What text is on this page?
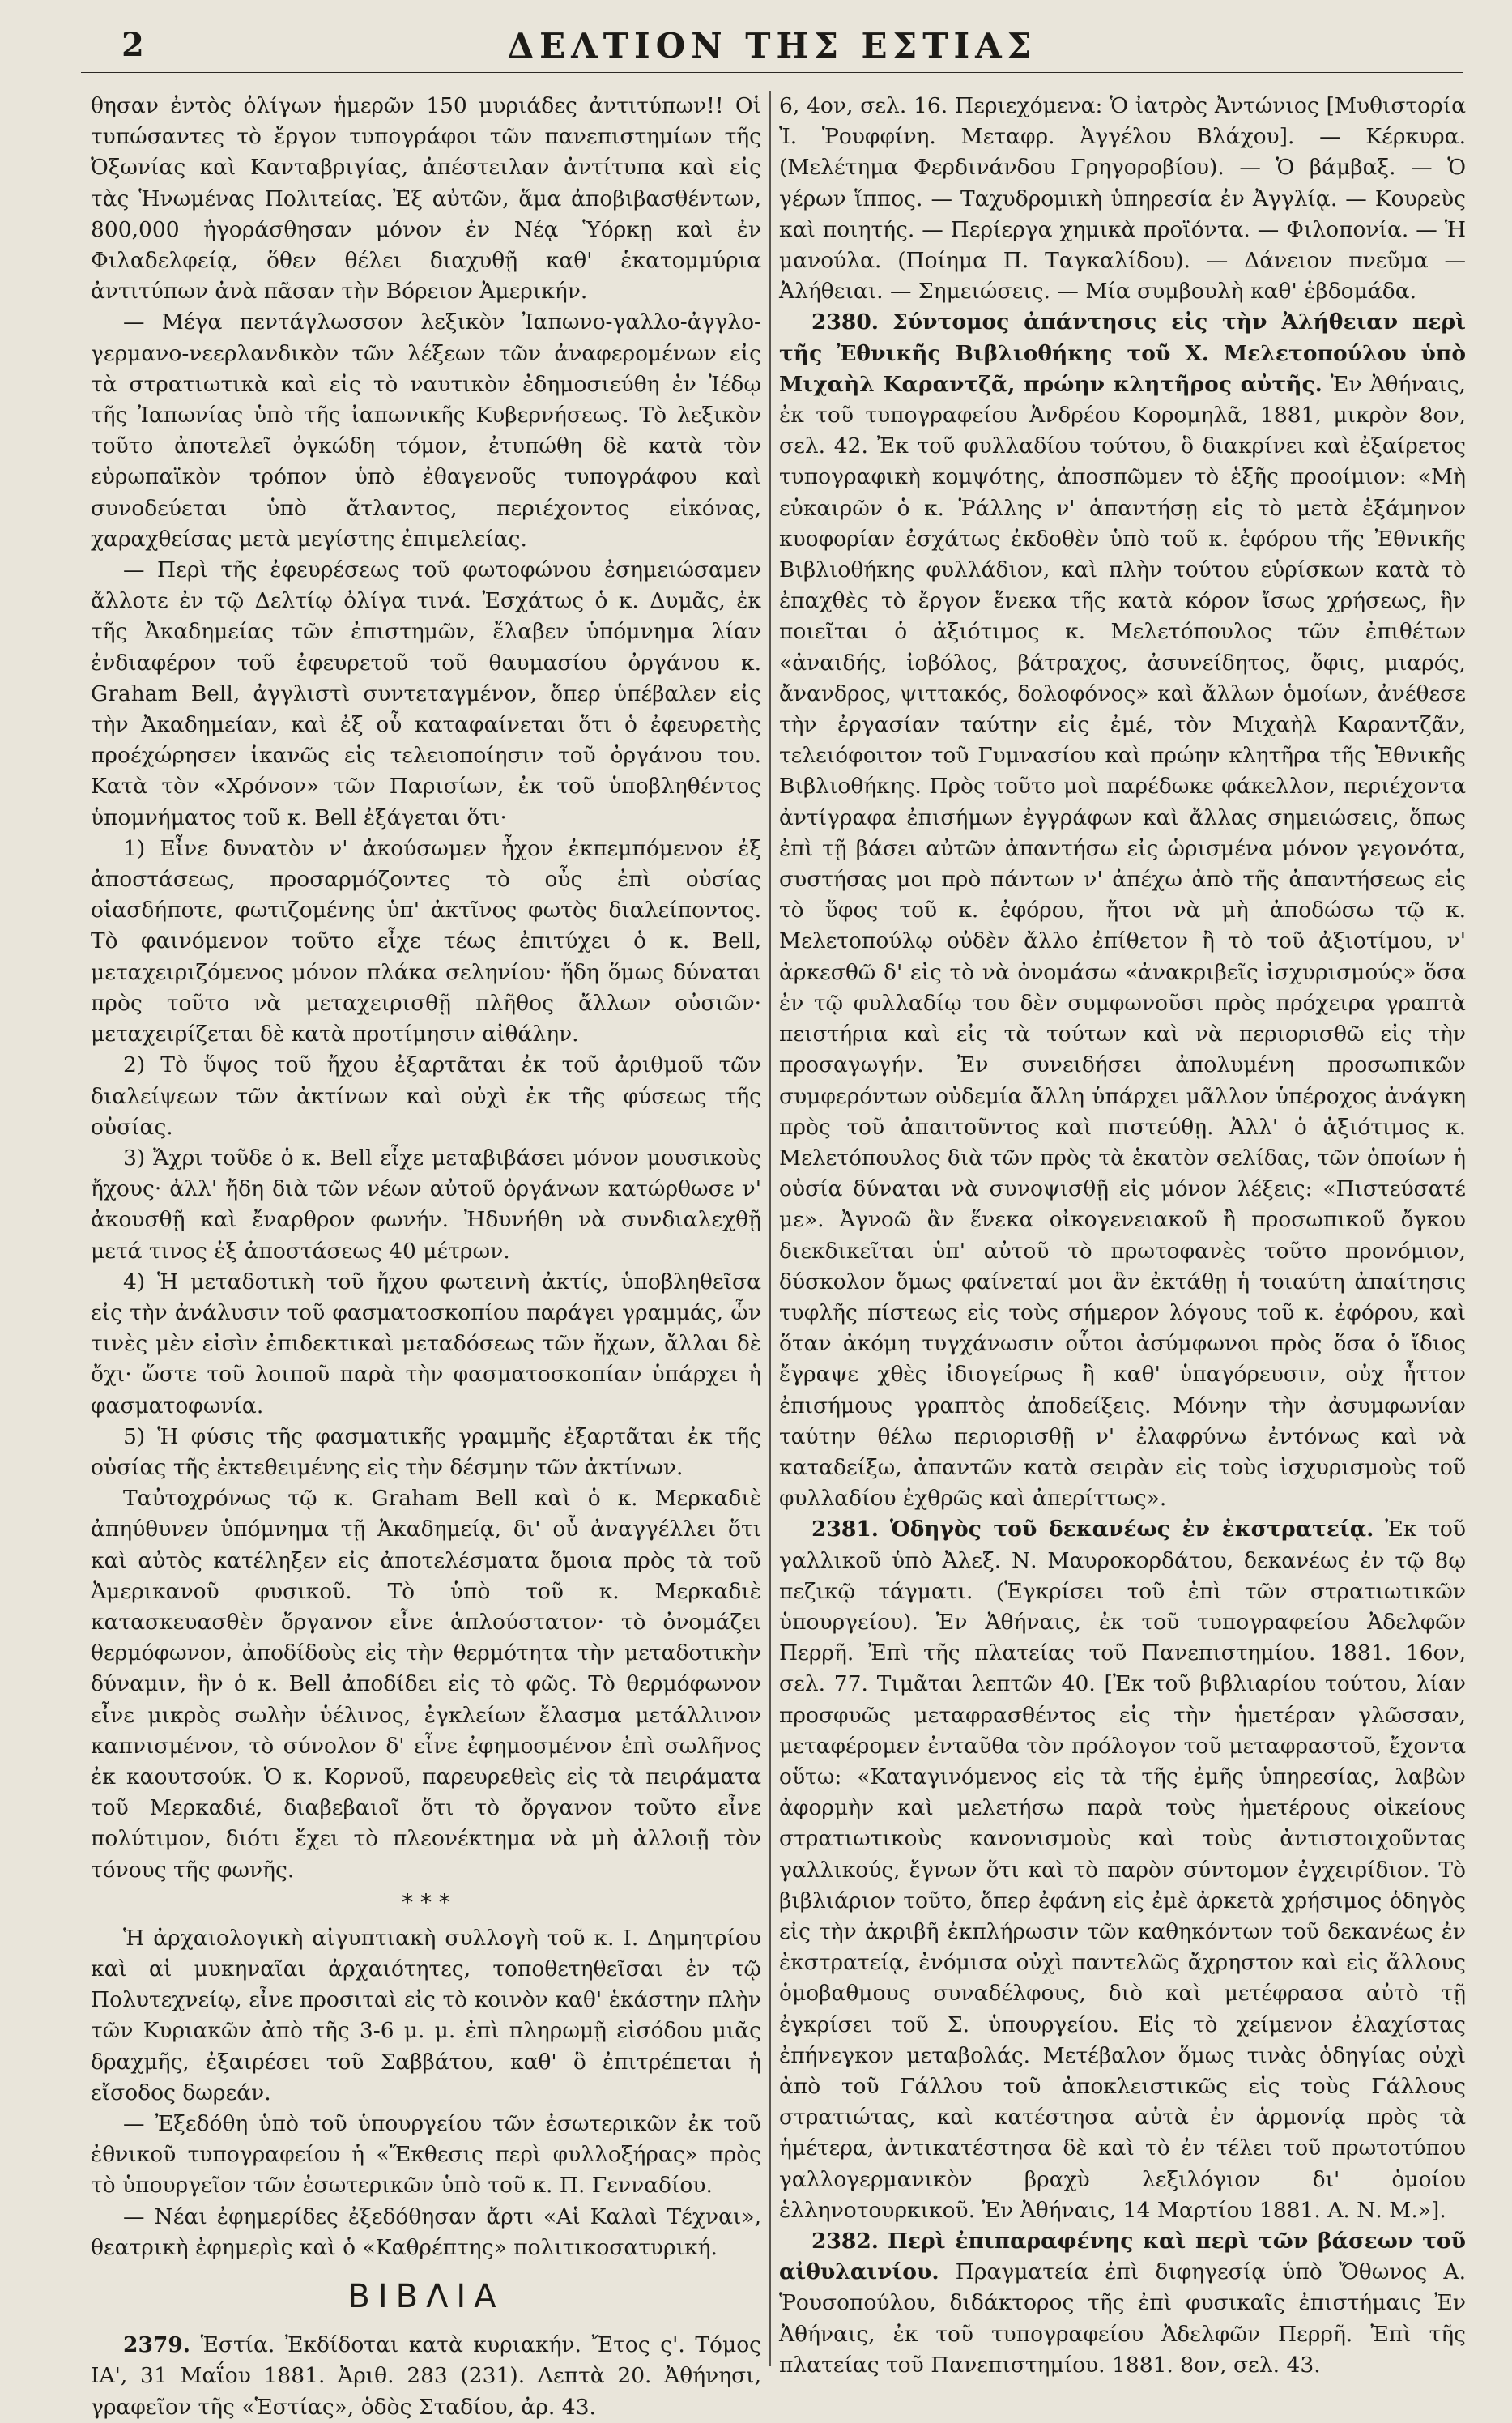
2	ΔΕΛΤΙΟΝ ΤΗΣ ΕΣΤΙΑΣ

θησαν ἐντὸς ὀλίγων ἡμερῶν 150 μυριάδες ἀντιτύπων!! Οἱ τυπώσαντες τὸ ἔργον τυπογράφοι τῶν πανεπιστημίων τῆς Ὀξωνίας καὶ Κανταβριγίας, ἀπέστειλαν ἀντίτυπα καὶ εἰς τὰς Ἡνωμένας Πολιτείας. Ἐξ αὐτῶν, ἅμα ἀποβιβασθέντων, 800,000 ἠγοράσθησαν μόνον ἐν Νέᾳ Ὑόρκῃ καὶ ἐν Φιλαδελφείᾳ, ὅθεν θέλει διαχυθῇ καθ' ἑκατομμύρια ἀντιτύπων ἀνὰ πᾶσαν τὴν Βόρειον Ἀμερικήν.

— Μέγα πεντάγλωσσον λεξικὸν Ἰαπωνο-γαλλο-ἀγγλο-γερμανο-νεερλανδικὸν τῶν λέξεων τῶν ἀναφερομένων εἰς τὰ στρατιωτικὰ καὶ εἰς τὸ ναυτικὸν ἐδημοσιεύθη ἐν Ἰέδῳ τῆς Ἰαπωνίας ὑπὸ τῆς ἰαπωνικῆς Κυβερνήσεως. Τὸ λεξικὸν τοῦτο ἀποτελεῖ ὀγκώδη τόμον, ἐτυπώθη δὲ κατὰ τὸν εὐρωπαϊκὸν τρόπον ὑπὸ ἐθαγενοῦς τυπογράφου καὶ συνοδεύεται ὑπὸ ἄτλαντος, περιέχοντος εἰκόνας, χαραχθείσας μετὰ μεγίστης ἐπιμελείας.

— Περὶ τῆς ἐφευρέσεως τοῦ φωτοφώνου ἐσημειώσαμεν ἄλλοτε ἐν τῷ Δελτίῳ ὀλίγα τινά. Ἐσχάτως ὁ κ. Δυμᾶς, ἐκ τῆς Ἀκαδημείας τῶν ἐπιστημῶν, ἔλαβεν ὑπόμνημα λίαν ἐνδιαφέρον τοῦ ἐφευρετοῦ τοῦ θαυμασίου ὀργάνου κ. Graham Bell, ἀγγλιστὶ συντεταγμένον, ὅπερ ὑπέβαλεν εἰς τὴν Ἀκαδημείαν, καὶ ἐξ οὗ καταφαίνεται ὅτι ὁ ἐφευρετὴς προέχώρησεν ἱκανῶς εἰς τελειοποίησιν τοῦ ὀργάνου του. Κατὰ τὸν «Χρόνον» τῶν Παρισίων, ἐκ τοῦ ὑποβληθέντος ὑπομνήματος τοῦ κ. Bell ἐξάγεται ὅτι·

1) Εἶνε δυνατὸν ν' ἀκούσωμεν ἦχον ἐκπεμπόμενον ἐξ ἀποστάσεως, προσαρμόζοντες τὸ οὖς ἐπὶ οὐσίας οἱασδήποτε, φωτιζομένης ὑπ' ἀκτῖνος φωτὸς διαλείποντος. Τὸ φαινόμενον τοῦτο εἶχε τέως ἐπιτύχει ὁ κ. Bell, μεταχειριζόμενος μόνον πλάκα σεληνίου· ἤδη ὅμως δύναται πρὸς τοῦτο νὰ μεταχειρισθῇ πλῆθος ἄλλων οὐσιῶν· μεταχειρίζεται δὲ κατὰ προτίμησιν αἰθάλην.

2) Τὸ ὕψος τοῦ ἤχου ἐξαρτᾶται ἐκ τοῦ ἀριθμοῦ τῶν διαλείψεων τῶν ἀκτίνων καὶ οὐχὶ ἐκ τῆς φύσεως τῆς οὐσίας.

3) Ἄχρι τοῦδε ὁ κ. Bell εἶχε μεταβιβάσει μόνον μουσικοὺς ἤχους· ἀλλ' ἤδη διὰ τῶν νέων αὐτοῦ ὀργάνων κατώρθωσε ν' ἀκουσθῇ καὶ ἔναρθρον φωνήν. Ἠδυνήθη νὰ συνδιαλεχθῇ μετά τινος ἐξ ἀποστάσεως 40 μέτρων.

4) Ἡ μεταδοτικὴ τοῦ ἤχου φωτεινὴ ἀκτίς, ὑποβληθεῖσα εἰς τὴν ἀνάλυσιν τοῦ φασματοσκοπίου παράγει γραμμάς, ὧν τινὲς μὲν εἰσὶν ἐπιδεκτικαὶ μεταδόσεως τῶν ἤχων, ἄλλαι δὲ ὄχι· ὥστε τοῦ λοιποῦ παρὰ τὴν φασματοσκοπίαν ὑπάρχει ἡ φασματοφωνία.

5) Ἡ φύσις τῆς φασματικῆς γραμμῆς ἐξαρτᾶται ἐκ τῆς οὐσίας τῆς ἐκτεθειμένης εἰς τὴν δέσμην τῶν ἀκτίνων.

Ταὐτοχρόνως τῷ κ. Graham Bell καὶ ὁ κ. Μερκαδιὲ ἀπηύθυνεν ὑπόμνημα τῇ Ἀκαδημείᾳ, δι' οὗ ἀναγγέλλει ὅτι καὶ αὐτὸς κατέληξεν εἰς ἀποτελέσματα ὅμοια πρὸς τὰ τοῦ Ἀμερικανοῦ φυσικοῦ. Τὸ ὑπὸ τοῦ κ. Μερκαδιὲ κατασκευασθὲν ὄργανον εἶνε ἁπλούστατον· τὸ ὀνομάζει θερμόφωνον, ἀποδίδοὺς εἰς τὴν θερμότητα τὴν μεταδοτικὴν δύναμιν, ἣν ὁ κ. Bell ἀποδίδει εἰς τὸ φῶς. Τὸ θερμόφωνον εἶνε μικρὸς σωλὴν ὑέλινος, ἐγκλείων ἔλασμα μετάλλινον καπνισμένον, τὸ σύνολον δ' εἶνε ἐφημοσμένον ἐπὶ σωλῆνος ἐκ καουτσούκ. Ὁ κ. Κορνοῦ, παρευρεθεὶς εἰς τὰ πειράματα τοῦ Μερκαδιέ, διαβεβαιοῖ ὅτι τὸ ὄργανον τοῦτο εἶνε πολύτιμον, διότι ἔχει τὸ πλεονέκτημα νὰ μὴ ἀλλοιῇ τὸν τόνους τῆς φωνῆς.

* * *

Ἡ ἀρχαιολογικὴ αἰγυπτιακὴ συλλογὴ τοῦ κ. Ι. Δημητρίου καὶ αἱ μυκηναῖαι ἀρχαιότητες, τοποθετηθεῖσαι ἐν τῷ Πολυτεχνείῳ, εἶνε προσιταὶ εἰς τὸ κοινὸν καθ' ἑκάστην πλὴν τῶν Κυριακῶν ἀπὸ τῆς 3-6 μ. μ. ἐπὶ πληρωμῇ εἰσόδου μιᾶς δραχμῆς, ἐξαιρέσει τοῦ Σαββάτου, καθ' ὃ ἐπιτρέπεται ἡ εἴσοδος δωρεάν.

— Ἐξεδόθη ὑπὸ τοῦ ὑπουργείου τῶν ἐσωτερικῶν ἐκ τοῦ ἐθνικοῦ τυπογραφείου ἡ «Ἔκθεσις περὶ φυλλοξήρας» πρὸς τὸ ὑπουργεῖον τῶν ἐσωτερικῶν ὑπὸ τοῦ κ. Π. Γενναδίου.

— Νέαι ἐφημερίδες ἐξεδόθησαν ἄρτι «Αἱ Καλαὶ Τέχναι», θεατρικὴ ἐφημερὶς καὶ ὁ «Καθρέπτης» πολιτικοσατυρική.

ΒΙΒΛΙΑ

2379. Ἑστία. Ἐκδίδοται κατὰ κυριακήν. Ἔτος ς'. Τόμος ΙΑ', 31 Μαΐου 1881. Ἀριθ. 283 (231). Λεπτὰ 20. Ἀθήνησι, γραφεῖον τῆς «Ἑστίας», ὁδὸς Σταδίου, ἀρ. 43.

6, 4ον, σελ. 16. Περιεχόμενα: Ὁ ἰατρὸς Ἀντώνιος [Μυθιστορία Ἰ. Ῥουφφίνη. Μεταφρ. Ἀγγέλου Βλάχου]. — Κέρκυρα. (Μελέτημα Φερδινάνδου Γρηγοροβίου). — Ὁ βάμβαξ. — Ὁ γέρων ἵππος. — Ταχυδρομικὴ ὑπηρεσία ἐν Ἀγγλίᾳ. — Κουρεὺς καὶ ποιητής. — Περίεργα χημικὰ προϊόντα. — Φιλοπονία. — Ἡ μανούλα. (Ποίημα Π. Ταγκαλίδου). — Δάνειον πνεῦμα — Ἀλήθειαι. — Σημειώσεις. — Μία συμβουλὴ καθ' ἑβδομάδα.

2380. Σύντομος ἀπάντησις εἰς τὴν Ἀλήθειαν περὶ τῆς Ἐθνικῆς Βιβλιοθήκης τοῦ Χ. Μελετοπούλου ὑπὸ Μιχαὴλ Καραντζᾶ, πρώην κλητῆρος αὐτῆς. Ἐν Ἀθήναις, ἐκ τοῦ τυπογραφείου Ἀνδρέου Κορομηλᾶ, 1881, μικρὸν 8ον, σελ. 42. Ἐκ τοῦ φυλλαδίου τούτου, ὃ διακρίνει καὶ ἐξαίρετος τυπογραφικὴ κομψότης, ἀποσπῶμεν τὸ ἑξῆς προοίμιον: «Μὴ εὐκαιρῶν ὁ κ. Ῥάλλης ν' ἀπαντήσῃ εἰς τὸ μετὰ ἐξάμηνον κυοφορίαν ἐσχάτως ἐκδοθὲν ὑπὸ τοῦ κ. ἐφόρου τῆς Ἐθνικῆς Βιβλιοθήκης φυλλάδιον, καὶ πλὴν τούτου εὑρίσκων κατὰ τὸ ἐπαχθὲς τὸ ἔργον ἕνεκα τῆς κατὰ κόρον ἴσως χρήσεως, ἣν ποιεῖται ὁ ἀξιότιμος κ. Μελετόπουλος τῶν ἐπιθέτων «ἀναιδής, ἰοβόλος, βάτραχος, ἀσυνείδητος, ὄφις, μιαρός, ἄνανδρος, ψιττακός, δολοφόνος» καὶ ἄλλων ὁμοίων, ἀνέθεσε τὴν ἐργασίαν ταύτην εἰς ἐμέ, τὸν Μιχαὴλ Καραντζᾶν, τελειόφοιτον τοῦ Γυμνασίου καὶ πρώην κλητῆρα τῆς Ἐθνικῆς Βιβλιοθήκης. Πρὸς τοῦτο μοὶ παρέδωκε φάκελλον, περιέχοντα ἀντίγραφα ἐπισήμων ἐγγράφων καὶ ἄλλας σημειώσεις, ὅπως ἐπὶ τῇ βάσει αὐτῶν ἀπαντήσω εἰς ὡρισμένα μόνον γεγονότα, συστήσας μοι πρὸ πάντων ν' ἀπέχω ἀπὸ τῆς ἀπαντήσεως εἰς τὸ ὕφος τοῦ κ. ἐφόρου, ἤτοι νὰ μὴ ἀποδώσω τῷ κ. Μελετοπούλῳ οὐδὲν ἄλλο ἐπίθετον ἢ τὸ τοῦ ἀξιοτίμου, ν' ἀρκεσθῶ δ' εἰς τὸ νὰ ὀνομάσω «ἀνακριβεῖς ἰσχυρισμούς» ὅσα ἐν τῷ φυλλαδίῳ του δὲν συμφωνοῦσι πρὸς πρόχειρα γραπτὰ πειστήρια καὶ εἰς τὰ τούτων καὶ νὰ περιορισθῶ εἰς τὴν προσαγωγήν. Ἐν συνειδήσει ἀπολυμένη προσωπικῶν συμφερόντων οὐδεμία ἄλλη ὑπάρχει μᾶλλον ὑπέροχος ἀνάγκη πρὸς τοῦ ἀπαιτοῦντος καὶ πιστεύθῃ. Ἀλλ' ὁ ἀξιότιμος κ. Μελετόπουλος διὰ τῶν πρὸς τὰ ἑκατὸν σελίδας, τῶν ὁποίων ἡ οὐσία δύναται νὰ συνοψισθῇ εἰς μόνον λέξεις: «Πιστεύσατέ με». Ἀγνοῶ ἂν ἕνεκα οἰκογενειακοῦ ἢ προσωπικοῦ ὄγκου διεκδικεῖται ὑπ' αὐτοῦ τὸ πρωτοφανὲς τοῦτο προνόμιον, δύσκολον ὅμως φαίνεταί μοι ἂν ἐκτάθῃ ἡ τοιαύτη ἀπαίτησις τυφλῆς πίστεως εἰς τοὺς σήμερον λόγους τοῦ κ. ἐφόρου, καὶ ὅταν ἀκόμη τυγχάνωσιν οὗτοι ἀσύμφωνοι πρὸς ὅσα ὁ ἴδιος ἔγραψε χθὲς ἰδιογείρως ἢ καθ' ὑπαγόρευσιν, οὐχ ἧττον ἐπισήμους γραπτὸς ἀποδείξεις. Μόνην τὴν ἀσυμφωνίαν ταύτην θέλω περιορισθῇ ν' ἐλαφρύνω ἐντόνως καὶ νὰ καταδείξω, ἀπαντῶν κατὰ σειρὰν εἰς τοὺς ἰσχυρισμοὺς τοῦ φυλλαδίου ἐχθρῶς καὶ ἀπερίττως».

2381. Ὁδηγὸς τοῦ δεκανέως ἐν ἐκστρατείᾳ. Ἐκ τοῦ γαλλικοῦ ὑπὸ Ἀλεξ. Ν. Μαυροκορδάτου, δεκανέως ἐν τῷ 8ῳ πεζικῷ τάγματι. (Ἐγκρίσει τοῦ ἐπὶ τῶν στρατιωτικῶν ὑπουργείου). Ἐν Ἀθήναις, ἐκ τοῦ τυπογραφείου Ἀδελφῶν Περρῆ. Ἐπὶ τῆς πλατείας τοῦ Πανεπιστημίου. 1881. 16ον, σελ. 77. Τιμᾶται λεπτῶν 40. [Ἐκ τοῦ βιβλιαρίου τούτου, λίαν προσφυῶς μεταφρασθέντος εἰς τὴν ἡμετέραν γλῶσσαν, μεταφέρομεν ἐνταῦθα τὸν πρόλογον τοῦ μεταφραστοῦ, ἔχοντα οὕτω: «Καταγινόμενος εἰς τὰ τῆς ἐμῆς ὑπηρεσίας, λαβὼν ἀφορμὴν καὶ μελετήσω παρὰ τοὺς ἡμετέρους οἰκείους στρατιωτικοὺς κανονισμοὺς καὶ τοὺς ἀντιστοιχοῦντας γαλλικούς, ἔγνων ὅτι καὶ τὸ παρὸν σύντομον ἐγχειρίδιον. Τὸ βιβλιάριον τοῦτο, ὅπερ ἐφάνη εἰς ἐμὲ ἀρκετὰ χρήσιμος ὁδηγὸς εἰς τὴν ἀκριβῆ ἐκπλήρωσιν τῶν καθηκόντων τοῦ δεκανέως ἐν ἐκστρατείᾳ, ἐνόμισα οὐχὶ παντελῶς ἄχρηστον καὶ εἰς ἄλλους ὁμοβαθμους συναδέλφους, διὸ καὶ μετέφρασα αὐτὸ τῇ ἐγκρίσει τοῦ Σ. ὑπουργείου. Εἰς τὸ χείμενον ἐλαχίστας ἐπήνεγκον μεταβολάς. Μετέβαλον ὅμως τινὰς ὁδηγίας οὐχὶ ἀπὸ τοῦ Γάλλου τοῦ ἀποκλειστικῶς εἰς τοὺς Γάλλους στρατιώτας, καὶ κατέστησα αὐτὰ ἐν ἁρμονίᾳ πρὸς τὰ ἡμέτερα, ἀντικατέστησα δὲ καὶ τὸ ἐν τέλει τοῦ πρωτοτύπου γαλλογερμανικὸν βραχὺ λεξιλόγιον δι' ὁμοίου ἑλληνοτουρκικοῦ. Ἐν Ἀθήναις, 14 Μαρτίου 1881. Α. Ν. Μ.»].

2382. Περὶ ἐπιπαραφένης καὶ περὶ τῶν βάσεων τοῦ αἰθυλαινίου. Πραγματεία ἐπὶ διφηγεσίᾳ ὑπὸ Ὄθωνος Α. Ῥουσοπούλου, διδάκτορος τῆς ἐπὶ φυσικαῖς ἐπιστήμαις Ἐν Ἀθήναις, ἐκ τοῦ τυπογραφείου Ἀδελφῶν Περρῆ. Ἐπὶ τῆς πλατείας τοῦ Πανεπιστημίου. 1881. 8ον, σελ. 43.
